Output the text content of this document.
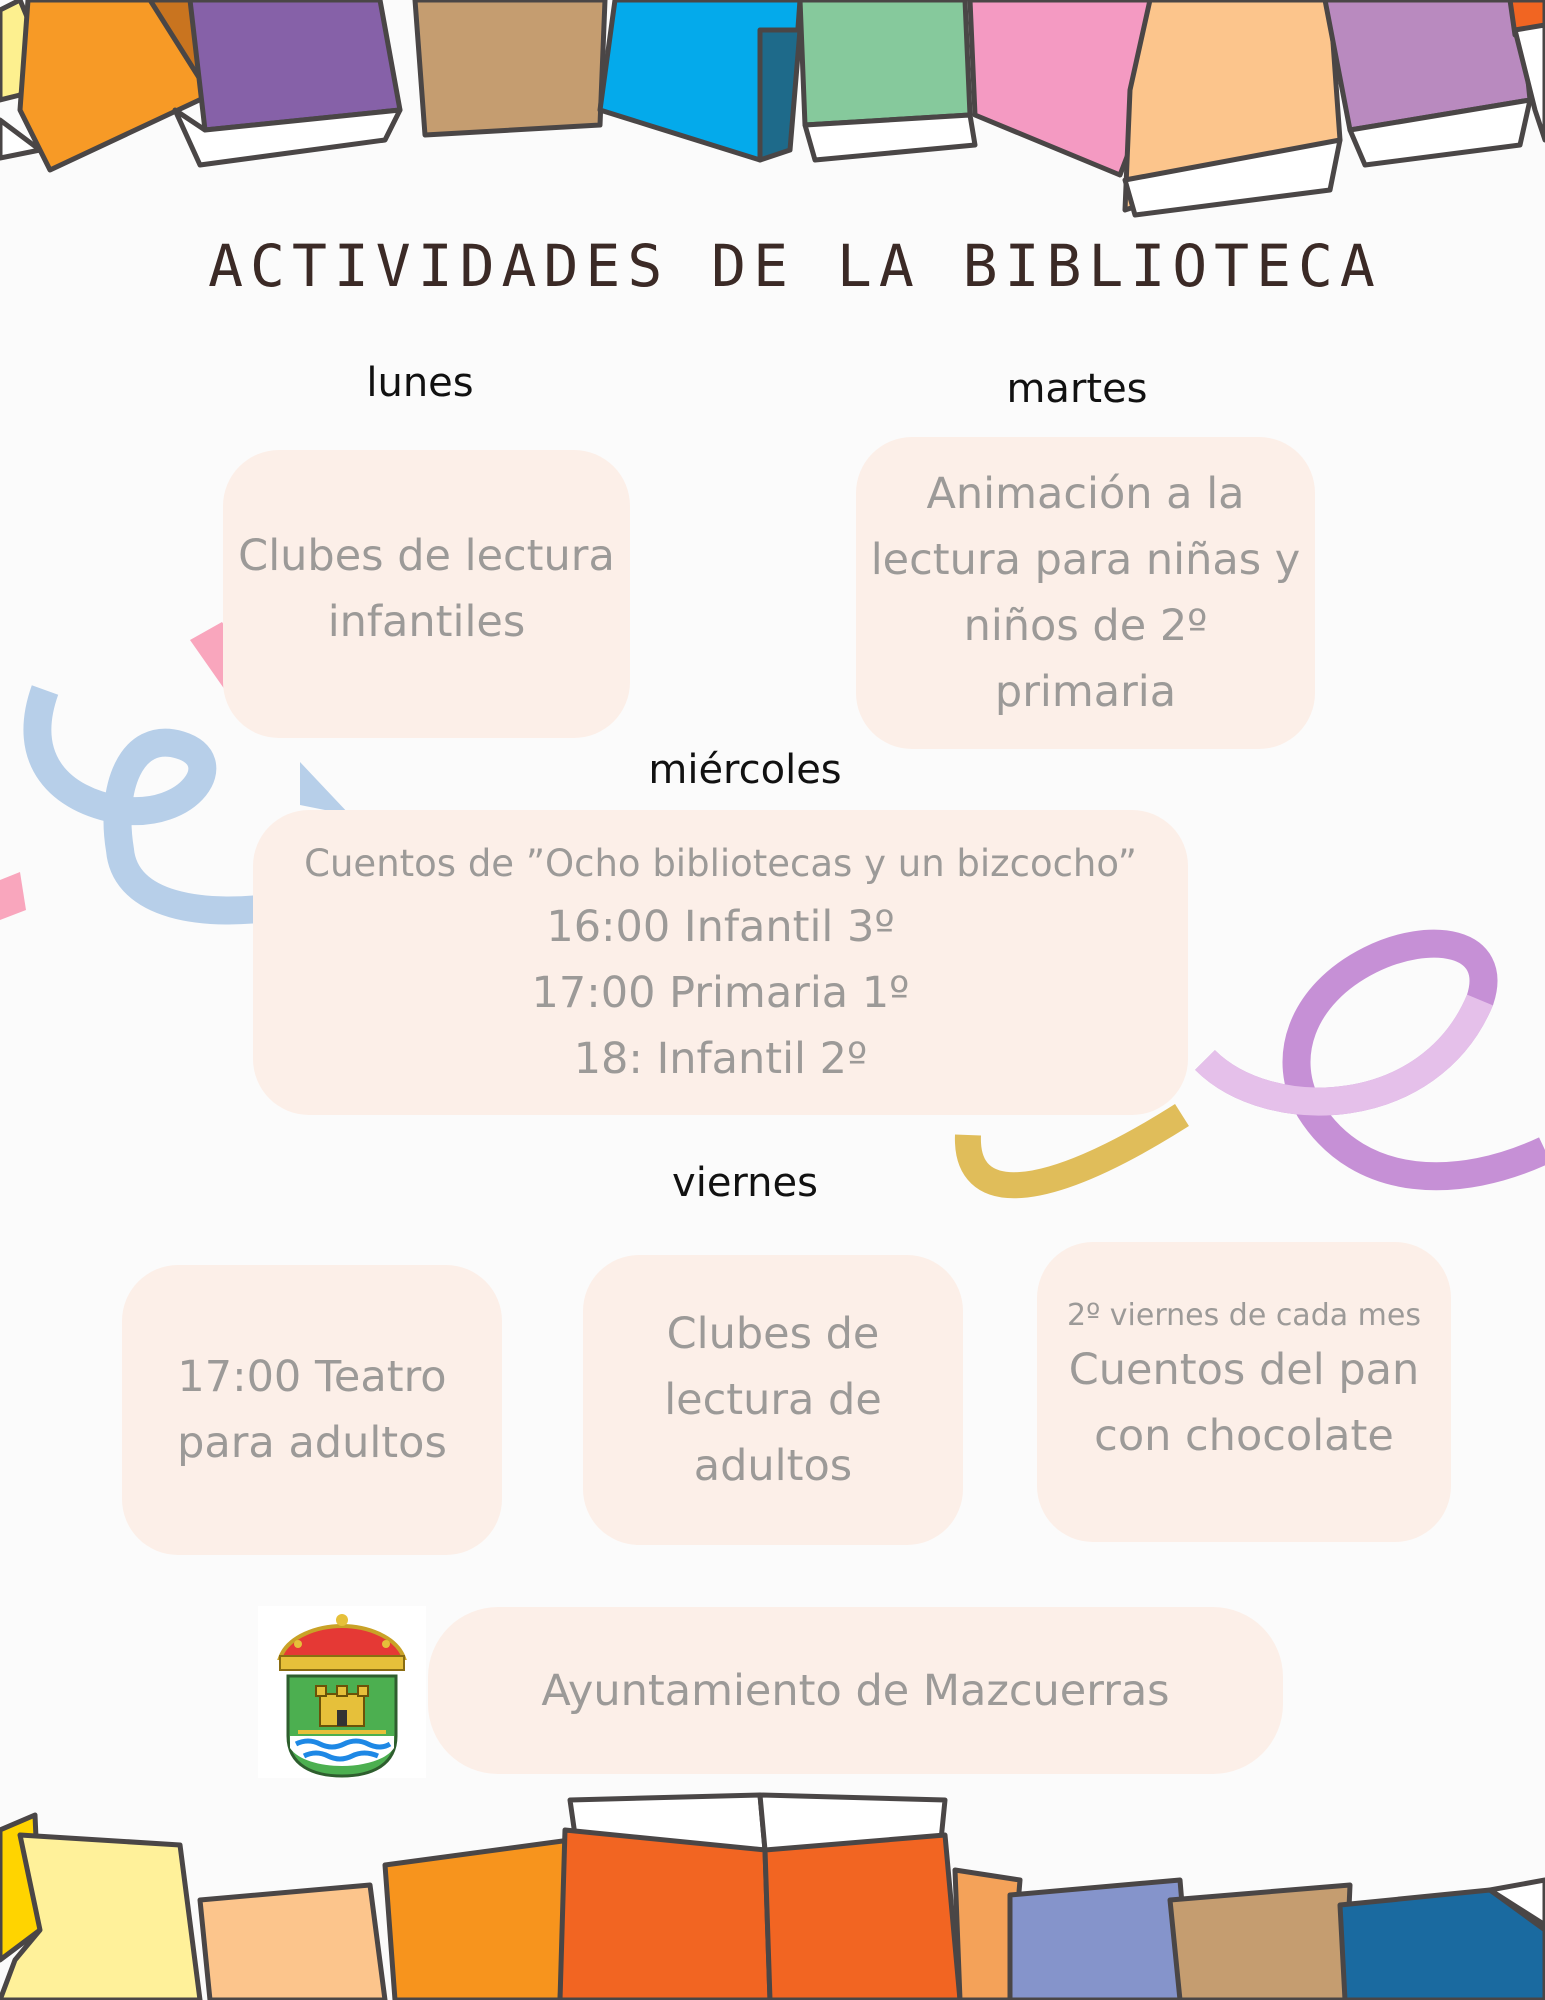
ACTIVIDADES DE LA BIBLIOTECA
lunes
Clubes de lectura
infantiles
martes
Animación a la
lectura para niñas y
niños de 2º
primaria
miércoles
Cuentos de ”Ocho bibliotecas y un bizcocho”
16:00 Infantil 3º
17:00 Primaria 1º
18: Infantil 2º
viernes
17:00 Teatro
para adultos
Clubes de
lectura de
adultos
2º viernes de cada mes
Cuentos del pan
con chocolate
Ayuntamiento de Mazcuerras
